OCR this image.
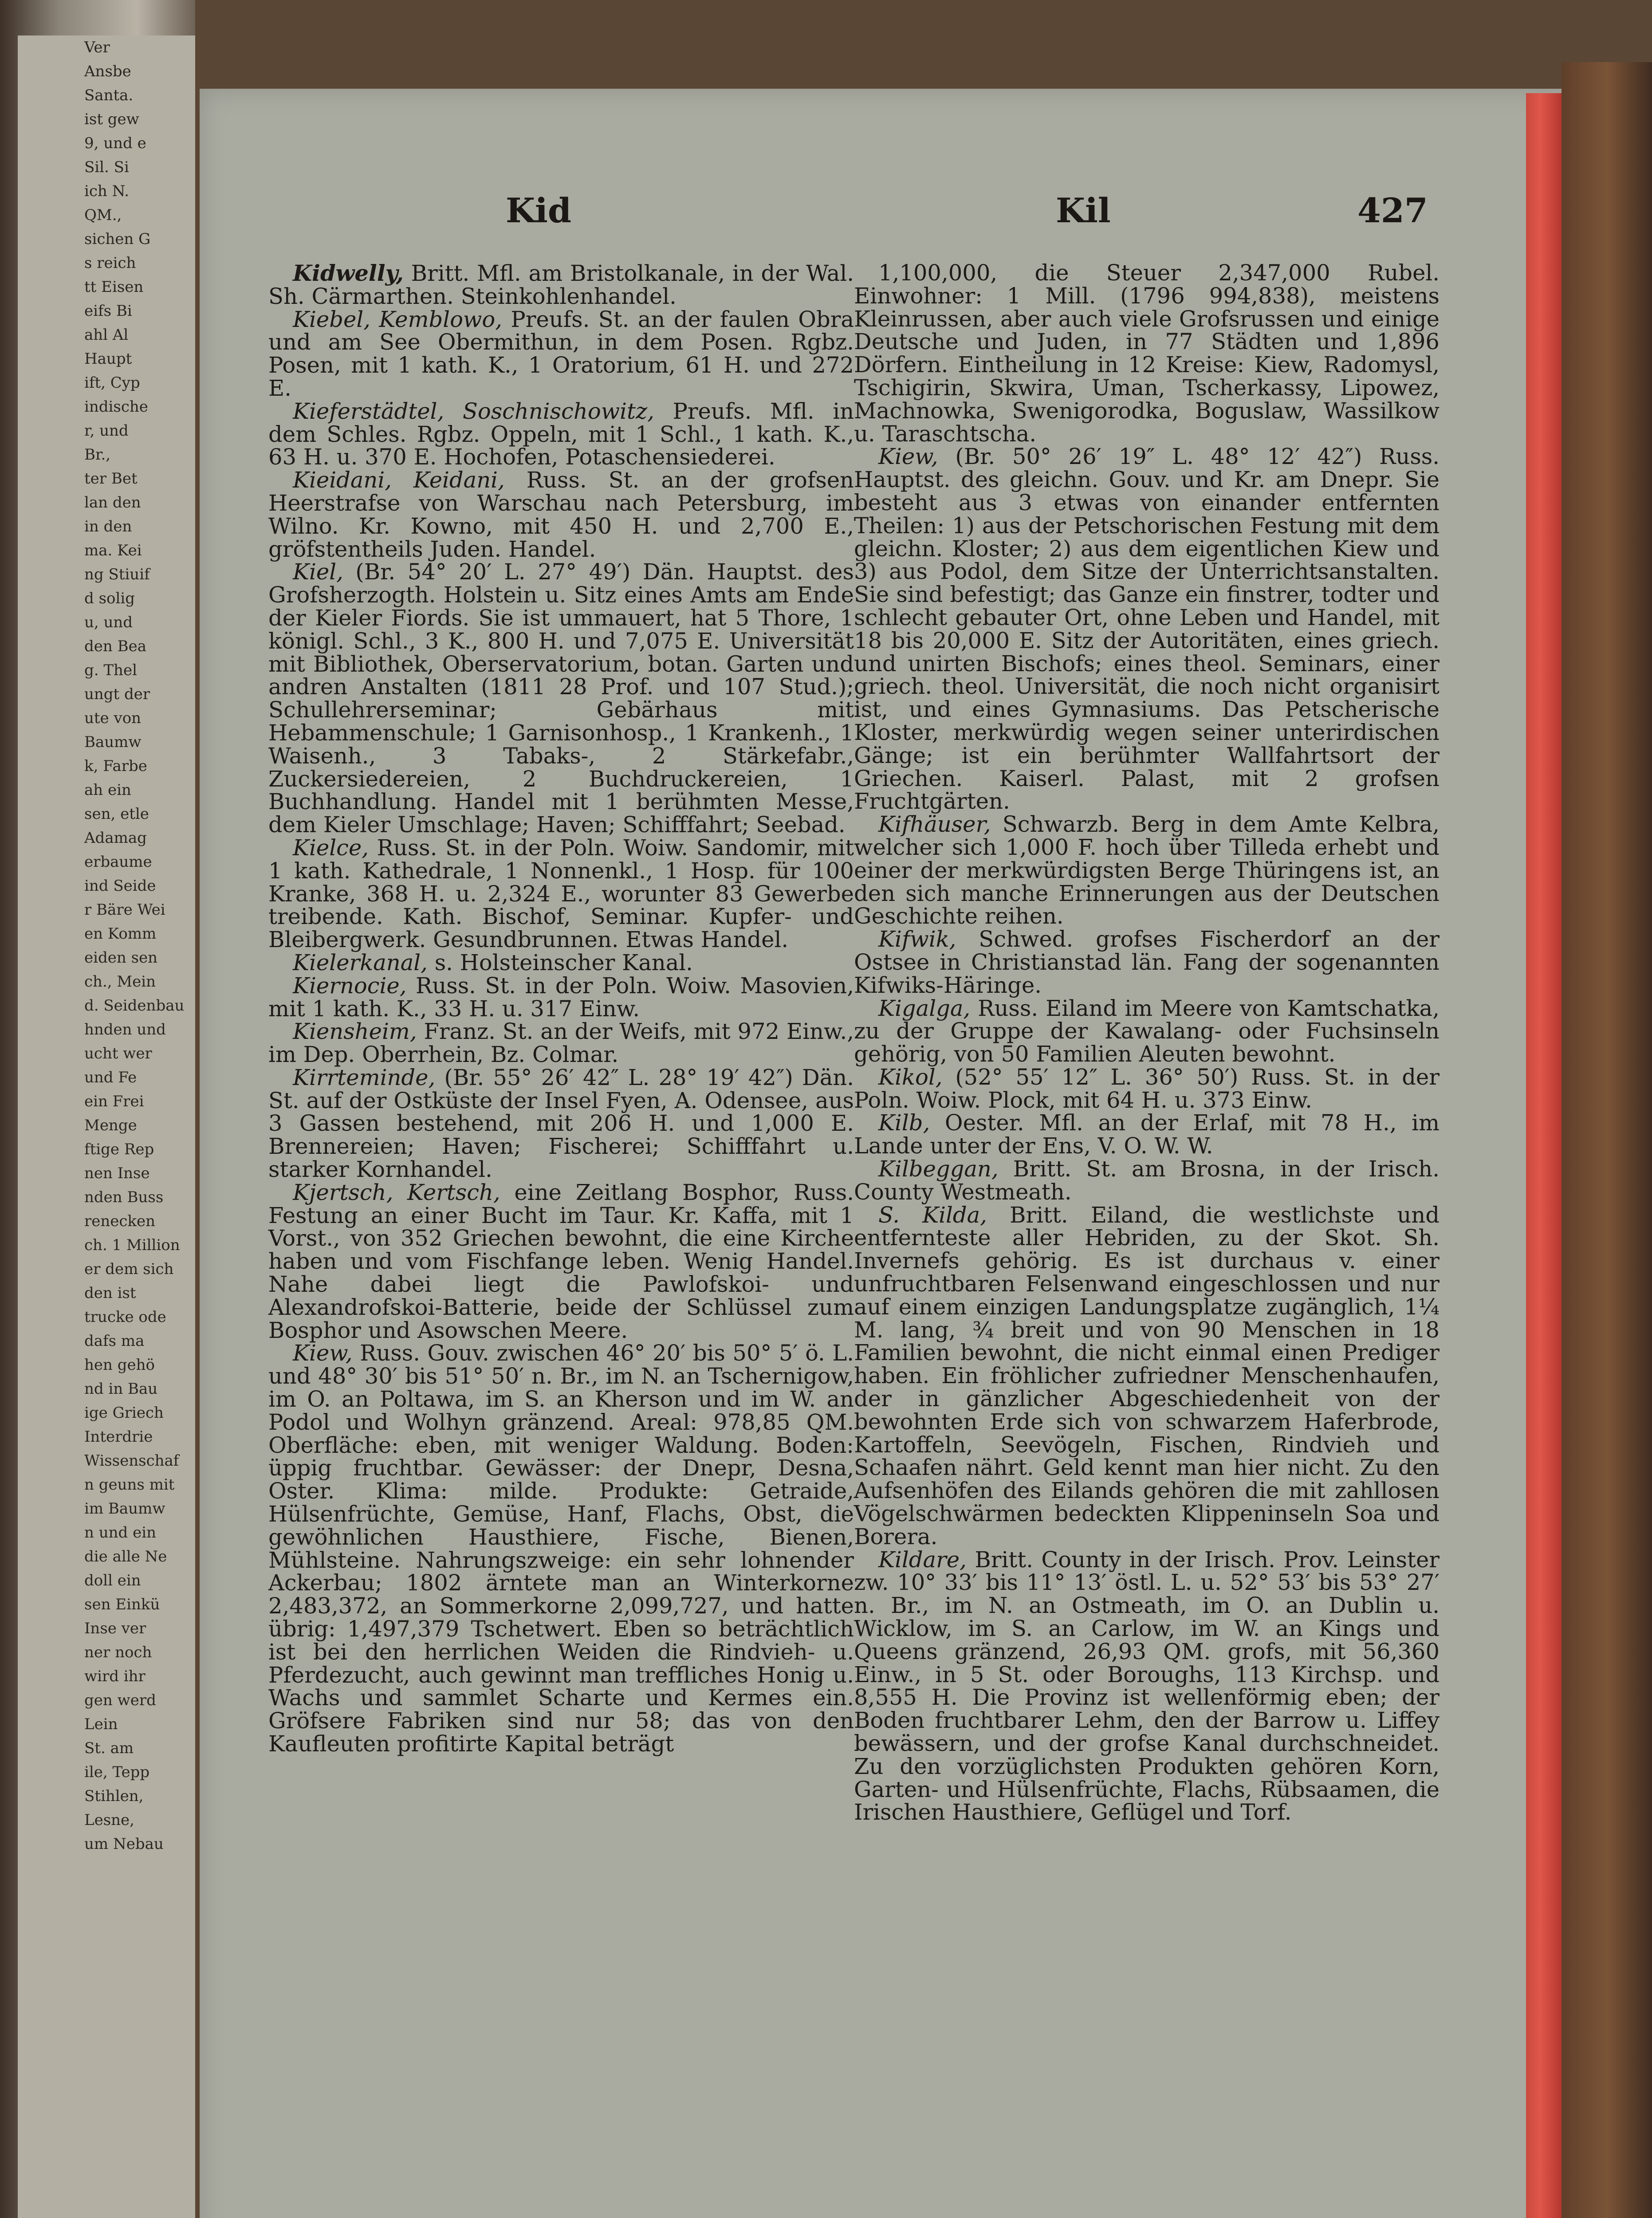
Ver
Ansbe
Santa.
ist gew
9, und e
Sil. Si
ich N.
QM.,
sichen G
s reich
tt Eisen
eifs Bi
ahl Al
Haupt
ift, Cyp
indische
r, und
Br.,
ter Bet
lan den
in den
ma. Kei
ng Stiuif
d solig
u, und
den Bea
g. Thel
ungt der
ute von
Baumw
k, Farbe
ah ein
sen, etle
Adamag
erbaume
ind Seide
r Bäre Wei
en Komm
eiden sen
ch., Mein
d. Seidenbau
hnden und
ucht wer
und Fe
ein Frei
Menge
ftige Rep
nen Inse
nden Buss
renecken
ch. 1 Million
er dem sich
den ist
trucke ode
dafs ma
hen gehö
nd in Bau
ige Griech
Interdrie
Wissenschaf
n geuns mit
im Baumw
n und ein
die alle Ne
doll ein
sen Einkü
Inse ver
ner noch
wird ihr
gen werd
Lein
St. am
ile, Tepp
Stihlen,
Lesne,
um Nebau
Kid	Kil	427

Kidwelly, Britt. Mfl. am Bristolkanale, in der Wal. Sh. Cärmarthen. Steinkohlenhandel.

Kiebel, Kemblowo, Preufs. St. an der faulen Obra und am See Obermithun, in dem Posen. Rgbz. Posen, mit 1 kath. K., 1 Oratorium, 61 H. und 272 E.

Kieferstädtel, Soschnischowitz, Preufs. Mfl. in dem Schles. Rgbz. Oppeln, mit 1 Schl., 1 kath. K., 63 H. u. 370 E. Hochofen, Potaschensiederei.

Kieidani, Keidani, Russ. St. an der grofsen Heerstrafse von Warschau nach Petersburg, im Wilno. Kr. Kowno, mit 450 H. und 2,700 E., gröfstentheils Juden. Handel.

Kiel, (Br. 54° 20′ L. 27° 49′) Dän. Hauptst. des Grofsherzogth. Holstein u. Sitz eines Amts am Ende der Kieler Fiords. Sie ist ummauert, hat 5 Thore, 1 königl. Schl., 3 K., 800 H. und 7,075 E. Universität mit Bibliothek, Oberservatorium, botan. Garten und andren Anstalten (1811 28 Prof. und 107 Stud.); Schullehrerseminar; Gebärhaus mit Hebammenschule; 1 Garnisonhosp., 1 Krankenh., 1 Waisenh., 3 Tabaks-, 2 Stärkefabr., Zuckersiedereien, 2 Buchdruckereien, 1 Buchhandlung. Handel mit 1 berühmten Messe, dem Kieler Umschlage; Haven; Schifffahrt; Seebad.

Kielce, Russ. St. in der Poln. Woiw. Sandomir, mit 1 kath. Kathedrale, 1 Nonnenkl., 1 Hosp. für 100 Kranke, 368 H. u. 2,324 E., worunter 83 Gewerbe treibende. Kath. Bischof, Seminar. Kupfer- und Bleibergwerk. Gesundbrunnen. Etwas Handel.

Kielerkanal, s. Holsteinscher Kanal.

Kiernocie, Russ. St. in der Poln. Woiw. Masovien, mit 1 kath. K., 33 H. u. 317 Einw.

Kiensheim, Franz. St. an der Weifs, mit 972 Einw., im Dep. Oberrhein, Bz. Colmar.

Kirrteminde, (Br. 55° 26′ 42″ L. 28° 19′ 42″) Dän. St. auf der Ostküste der Insel Fyen, A. Odensee, aus 3 Gassen bestehend, mit 206 H. und 1,000 E. Brennereien; Haven; Fischerei; Schifffahrt u. starker Kornhandel.

Kjertsch, Kertsch, eine Zeitlang Bosphor, Russ. Festung an einer Bucht im Taur. Kr. Kaffa, mit 1 Vorst., von 352 Griechen bewohnt, die eine Kirche haben und vom Fischfange leben. Wenig Handel. Nahe dabei liegt die Pawlofskoi- und Alexandrofskoi-Batterie, beide der Schlüssel zum Bosphor und Asowschen Meere.

Kiew, Russ. Gouv. zwischen 46° 20′ bis 50° 5′ ö. L. und 48° 30′ bis 51° 50′ n. Br., im N. an Tschernigow, im O. an Poltawa, im S. an Kherson und im W. an Podol und Wolhyn gränzend. Areal: 978,85 QM. Oberfläche: eben, mit weniger Waldung. Boden: üppig fruchtbar. Gewässer: der Dnepr, Desna, Oster. Klima: milde. Produkte: Getraide, Hülsenfrüchte, Gemüse, Hanf, Flachs, Obst, die gewöhnlichen Hausthiere, Fische, Bienen, Mühlsteine. Nahrungszweige: ein sehr lohnender Ackerbau; 1802 ärntete man an Winterkorne 2,483,372, an Sommerkorne 2,099,727, und hatte übrig: 1,497,379 Tschetwert. Eben so beträchtlich ist bei den herrlichen Weiden die Rindvieh- u. Pferdezucht, auch gewinnt man treffliches Honig u. Wachs und sammlet Scharte und Kermes ein. Gröfsere Fabriken sind nur 58; das von den Kaufleuten profitirte Kapital beträgt

1,100,000, die Steuer 2,347,000 Rubel. Einwohner: 1 Mill. (1796 994,838), meistens Kleinrussen, aber auch viele Grofsrussen und einige Deutsche und Juden, in 77 Städten und 1,896 Dörfern. Eintheilung in 12 Kreise: Kiew, Radomysl, Tschigirin, Skwira, Uman, Tscherkassy, Lipowez, Machnowka, Swenigorodka, Boguslaw, Wassilkow u. Taraschtscha.

Kiew, (Br. 50° 26′ 19″ L. 48° 12′ 42″) Russ. Hauptst. des gleichn. Gouv. und Kr. am Dnepr. Sie besteht aus 3 etwas von einander entfernten Theilen: 1) aus der Petschorischen Festung mit dem gleichn. Kloster; 2) aus dem eigentlichen Kiew und 3) aus Podol, dem Sitze der Unterrichtsanstalten. Sie sind befestigt; das Ganze ein finstrer, todter und schlecht gebauter Ort, ohne Leben und Handel, mit 18 bis 20,000 E. Sitz der Autoritäten, eines griech. und unirten Bischofs; eines theol. Seminars, einer griech. theol. Universität, die noch nicht organisirt ist, und eines Gymnasiums. Das Petscherische Kloster, merkwürdig wegen seiner unterirdischen Gänge; ist ein berühmter Wallfahrtsort der Griechen. Kaiserl. Palast, mit 2 grofsen Fruchtgärten.

Kifhäuser, Schwarzb. Berg in dem Amte Kelbra, welcher sich 1,000 F. hoch über Tilleda erhebt und einer der merkwürdigsten Berge Thüringens ist, an den sich manche Erinnerungen aus der Deutschen Geschichte reihen.

Kifwik, Schwed. grofses Fischerdorf an der Ostsee in Christianstad län. Fang der sogenannten Kifwiks-Häringe.

Kigalga, Russ. Eiland im Meere von Kamtschatka, zu der Gruppe der Kawalang- oder Fuchsinseln gehörig, von 50 Familien Aleuten bewohnt.

Kikol, (52° 55′ 12″ L. 36° 50′) Russ. St. in der Poln. Woiw. Plock, mit 64 H. u. 373 Einw.

Kilb, Oester. Mfl. an der Erlaf, mit 78 H., im Lande unter der Ens, V. O. W. W.

Kilbeggan, Britt. St. am Brosna, in der Irisch. County Westmeath.

S. Kilda, Britt. Eiland, die westlichste und entfernteste aller Hebriden, zu der Skot. Sh. Invernefs gehörig. Es ist durchaus v. einer unfruchtbaren Felsenwand eingeschlossen und nur auf einem einzigen Landungsplatze zugänglich, 1¼ M. lang, ¾ breit und von 90 Menschen in 18 Familien bewohnt, die nicht einmal einen Prediger haben. Ein fröhlicher zufriedner Menschenhaufen, der in gänzlicher Abgeschiedenheit von der bewohnten Erde sich von schwarzem Haferbrode, Kartoffeln, Seevögeln, Fischen, Rindvieh und Schaafen nährt. Geld kennt man hier nicht. Zu den Aufsenhöfen des Eilands gehören die mit zahllosen Vögelschwärmen bedeckten Klippeninseln Soa und Borera.

Kildare, Britt. County in der Irisch. Prov. Leinster zw. 10° 33′ bis 11° 13′ östl. L. u. 52° 53′ bis 53° 27′ n. Br., im N. an Ostmeath, im O. an Dublin u. Wicklow, im S. an Carlow, im W. an Kings und Queens gränzend, 26,93 QM. grofs, mit 56,360 Einw., in 5 St. oder Boroughs, 113 Kirchsp. und 8,555 H. Die Provinz ist wellenförmig eben; der Boden fruchtbarer Lehm, den der Barrow u. Liffey bewässern, und der grofse Kanal durchschneidet. Zu den vorzüglichsten Produkten gehören Korn, Garten- und Hülsenfrüchte, Flachs, Rübsaamen, die Irischen Hausthiere, Geflügel und Torf.
